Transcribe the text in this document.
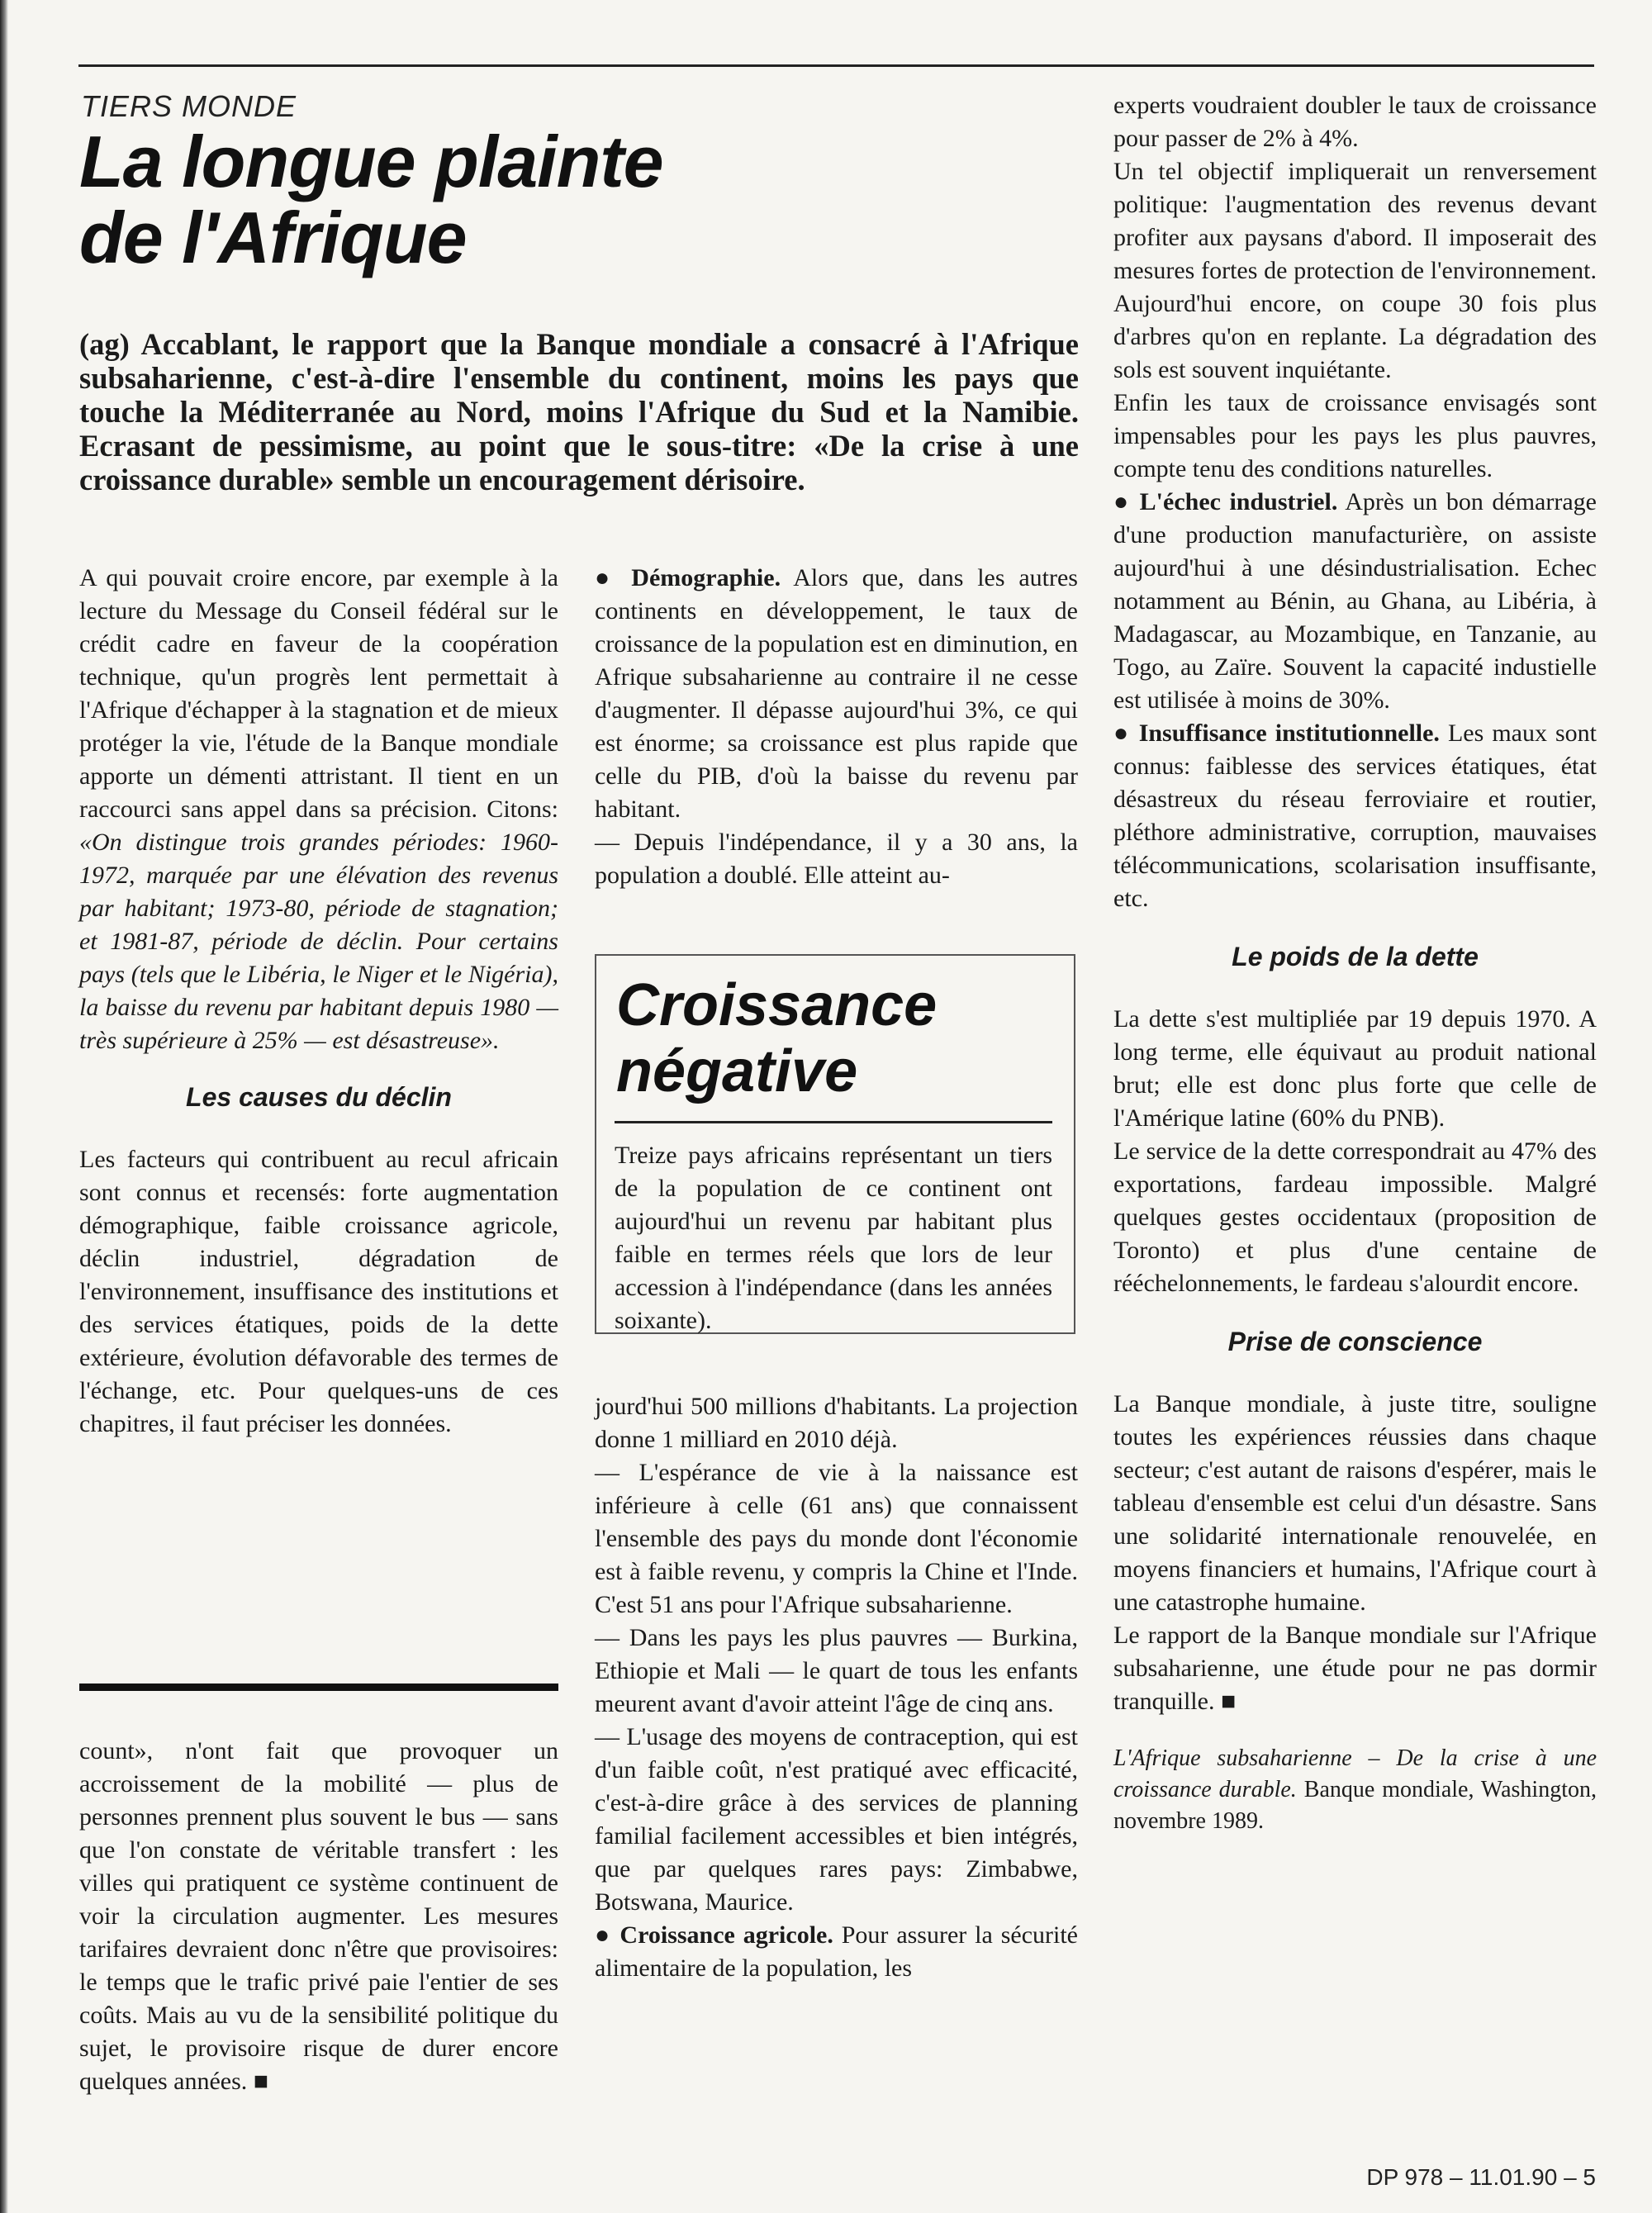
TIERS MONDE
La longue plainte
de l'Afrique

(ag) Accablant, le rapport que la Banque mondiale a consacré à l'Afrique subsaharienne, c'est-à-dire l'ensemble du continent, moins les pays que touche la Méditerranée au Nord, moins l'Afrique du Sud et la Namibie. Ecrasant de pessimisme, au point que le sous-titre: «De la crise à une croissance durable» semble un encouragement dérisoire.

A qui pouvait croire encore, par exemple à la lecture du Message du Conseil fédéral sur le crédit cadre en faveur de la coopération technique, qu'un progrès lent permettait à l'Afrique d'échapper à la stagnation et de mieux protéger la vie, l'étude de la Banque mondiale apporte un démenti attristant. Il tient en un raccourci sans appel dans sa précision. Citons: «On distingue trois grandes périodes: 1960-1972, marquée par une élévation des revenus par habitant; 1973-80, période de stagnation; et 1981-87, période de déclin. Pour certains pays (tels que le Libéria, le Niger et le Nigéria), la baisse du revenu par habitant depuis 1980 — très supérieure à 25% — est désastreuse».

Les causes du déclin

Les facteurs qui contribuent au recul africain sont connus et recensés: forte augmentation démographique, faible croissance agricole, déclin industriel, dégradation de l'environnement, insuffisance des institutions et des services étatiques, poids de la dette extérieure, évolution défavorable des termes de l'échange, etc. Pour quelques-uns de ces chapitres, il faut préciser les données.

count», n'ont fait que provoquer un accroissement de la mobilité — plus de personnes prennent plus souvent le bus — sans que l'on constate de véritable transfert : les villes qui pratiquent ce système continuent de voir la circulation augmenter. Les mesures tarifaires devraient donc n'être que provisoires: le temps que le trafic privé paie l'entier de ses coûts. Mais au vu de la sensibilité politique du sujet, le provisoire risque de durer encore quelques années. ■

● Démographie. Alors que, dans les autres continents en développement, le taux de croissance de la population est en diminution, en Afrique subsaharienne au contraire il ne cesse d'augmenter. Il dépasse aujourd'hui 3%, ce qui est énorme; sa croissance est plus rapide que celle du PIB, d'où la baisse du revenu par habitant.

— Depuis l'indépendance, il y a 30 ans, la population a doublé. Elle atteint au-

Croissance
négative
Treize pays africains représentant un tiers de la population de ce continent ont aujourd'hui un revenu par habitant plus faible en termes réels que lors de leur accession à l'indépendance (dans les années soixante).

jourd'hui 500 millions d'habitants. La projection donne 1 milliard en 2010 déjà.

— L'espérance de vie à la naissance est inférieure à celle (61 ans) que connaissent l'ensemble des pays du monde dont l'économie est à faible revenu, y compris la Chine et l'Inde. C'est 51 ans pour l'Afrique subsaharienne.

— Dans les pays les plus pauvres — Burkina, Ethiopie et Mali — le quart de tous les enfants meurent avant d'avoir atteint l'âge de cinq ans.

— L'usage des moyens de contraception, qui est d'un faible coût, n'est pratiqué avec efficacité, c'est-à-dire grâce à des services de planning familial facilement accessibles et bien intégrés, que par quelques rares pays: Zimbabwe, Botswana, Maurice.

● Croissance agricole. Pour assurer la sécurité alimentaire de la population, les

experts voudraient doubler le taux de croissance pour passer de 2% à 4%.

Un tel objectif impliquerait un renversement politique: l'augmentation des revenus devant profiter aux paysans d'abord. Il imposerait des mesures fortes de protection de l'environnement. Aujourd'hui encore, on coupe 30 fois plus d'arbres qu'on en replante. La dégradation des sols est souvent inquiétante.

Enfin les taux de croissance envisagés sont impensables pour les pays les plus pauvres, compte tenu des conditions naturelles.

● L'échec industriel. Après un bon démarrage d'une production manufacturière, on assiste aujourd'hui à une désindustrialisation. Echec notamment au Bénin, au Ghana, au Libéria, à Madagascar, au Mozambique, en Tanzanie, au Togo, au Zaïre. Souvent la capacité industielle est utilisée à moins de 30%.

● Insuffisance institutionnelle. Les maux sont connus: faiblesse des services étatiques, état désastreux du réseau ferroviaire et routier, pléthore administrative, corruption, mauvaises télécommunications, scolarisation insuffisante, etc.

Le poids de la dette

La dette s'est multipliée par 19 depuis 1970. A long terme, elle équivaut au produit national brut; elle est donc plus forte que celle de l'Amérique latine (60% du PNB).

Le service de la dette correspondrait au 47% des exportations, fardeau impossible. Malgré quelques gestes occidentaux (proposition de Toronto) et plus d'une centaine de rééchelonnements, le fardeau s'alourdit encore.

Prise de conscience

La Banque mondiale, à juste titre, souligne toutes les expériences réussies dans chaque secteur; c'est autant de raisons d'espérer, mais le tableau d'ensemble est celui d'un désastre. Sans une solidarité internationale renouvelée, en moyens financiers et humains, l'Afrique court à une catastrophe humaine.

Le rapport de la Banque mondiale sur l'Afrique subsaharienne, une étude pour ne pas dormir tranquille. ■

L'Afrique subsaharienne – De la crise à une croissance durable. Banque mondiale, Washington, novembre 1989.

DP 978 – 11.01.90 – 5
